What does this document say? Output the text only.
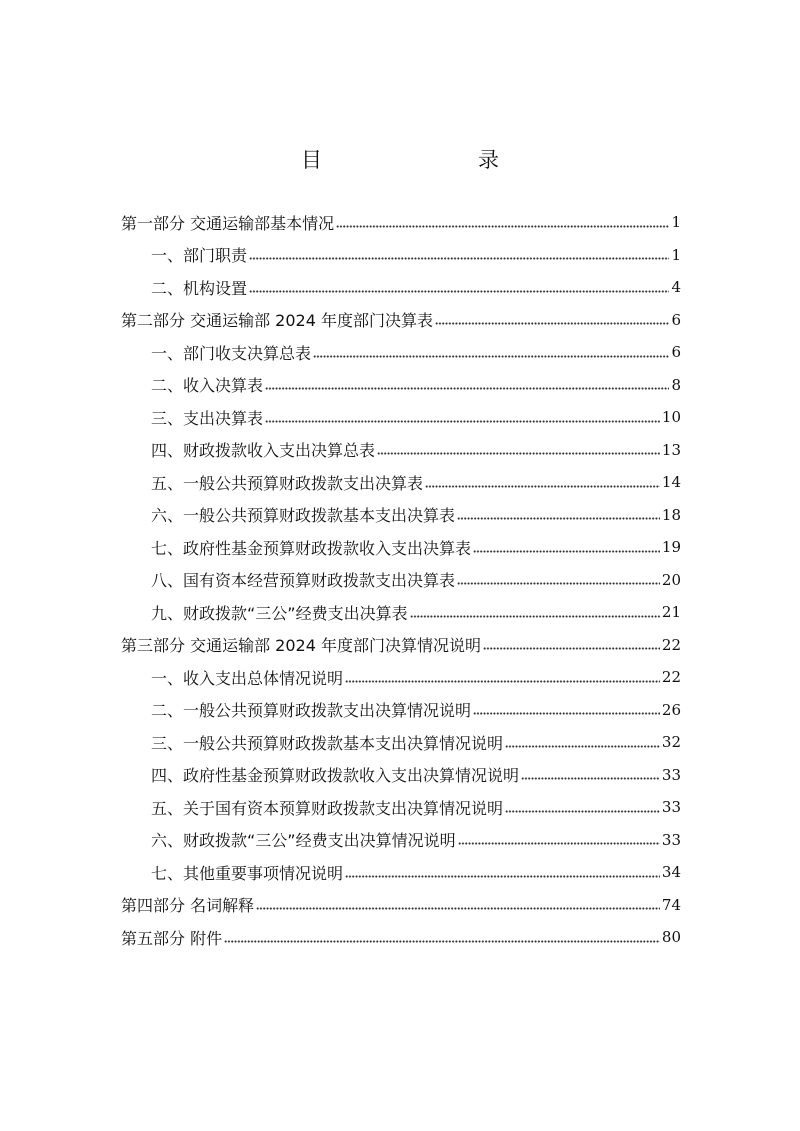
目　　录
第一部分 交通运输部基本情况	1
一、部门职责	1
二、机构设置	4
第二部分 交通运输部 2024 年度部门决算表	6
一、部门收支决算总表	6
二、收入决算表	8
三、支出决算表	10
四、财政拨款收入支出决算总表	13
五、一般公共预算财政拨款支出决算表	14
六、一般公共预算财政拨款基本支出决算表	18
七、政府性基金预算财政拨款收入支出决算表	19
八、国有资本经营预算财政拨款支出决算表	20
九、财政拨款“三公”经费支出决算表	21
第三部分 交通运输部 2024 年度部门决算情况说明	22
一、收入支出总体情况说明	22
二、一般公共预算财政拨款支出决算情况说明	26
三、一般公共预算财政拨款基本支出决算情况说明	32
四、政府性基金预算财政拨款收入支出决算情况说明	33
五、关于国有资本预算财政拨款支出决算情况说明	33
六、财政拨款“三公”经费支出决算情况说明	33
七、其他重要事项情况说明	34
第四部分 名词解释	74
第五部分 附件	80
